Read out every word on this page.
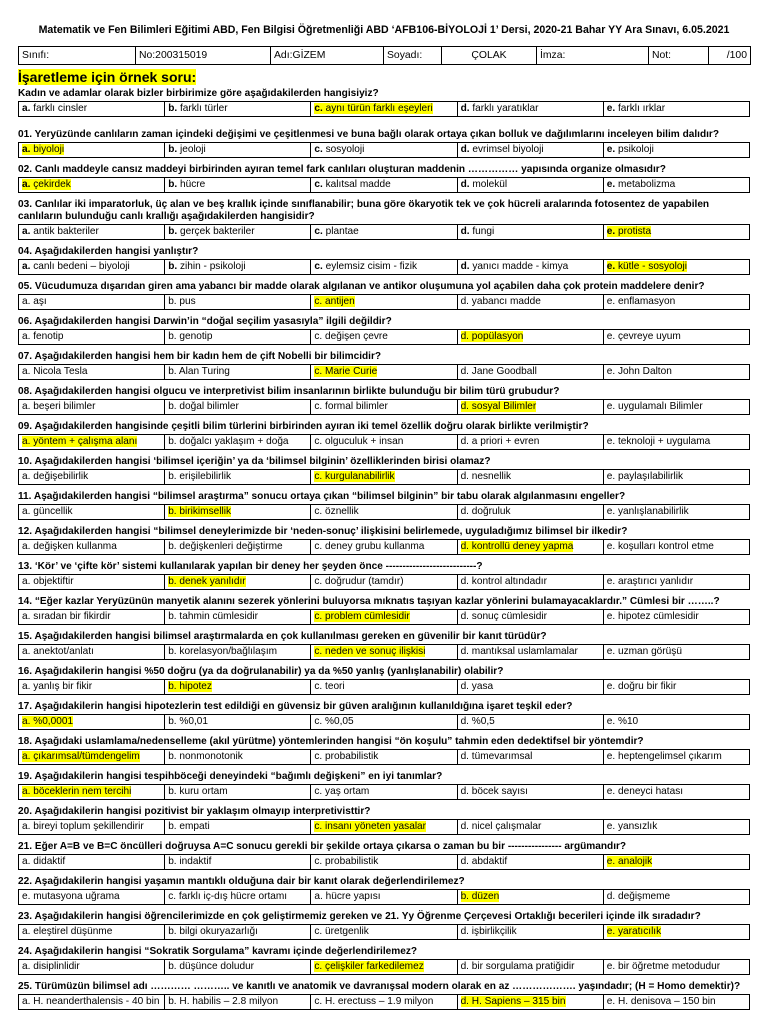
Matematik ve Fen Bilimleri Eğitimi ABD, Fen Bilgisi Öğretmenliği ABD ‘AFB106-BİYOLOJİ 1’ Dersi, 2020-21 Bahar YY Ara Sınavı, 6.05.2021
Sınıfı:	No:200315019	Adı:GİZEM	Soyadı:	ÇOLAK	İmza:	Not:	/100
İşaretleme için örnek soru:
Kadın ve adamlar olarak bizler birbirimize göre aşağıdakilerden hangisiyiz?
a. farklı cinsler	b. farklı türler	c. aynı türün farklı eşeyleri	d. farklı yaratıklar	e. farklı ırklar
01. Yeryüzünde canlıların zaman içindeki değişimi ve çeşitlenmesi ve buna bağlı olarak ortaya çıkan bolluk ve dağılımlarını inceleyen bilim dalıdır?
a. biyoloji	b. jeoloji	c. sosyoloji	d. evrimsel biyoloji	e. psikoloji
02. Canlı maddeyle cansız maddeyi birbirinden ayıran temel fark canlıları oluşturan maddenin …………… yapısında organize olmasıdır?
a. çekirdek	b. hücre	c. kalıtsal madde	d. molekül	e. metabolizma
03. Canlılar iki imparatorluk, üç alan ve beş krallık içinde sınıflanabilir; buna göre ökaryotik tek ve çok hücreli aralarında fotosentez de yapabilen canlıların bulunduğu canlı krallığı aşağıdakilerden hangisidir?
a. antik bakteriler	b. gerçek bakteriler	c. plantae	d. fungi	e. protista
04. Aşağıdakilerden hangisi yanlıştır?
a. canlı bedeni – biyoloji	b. zihin - psikoloji	c. eylemsiz cisim - fizik	d. yanıcı madde - kimya	e. kütle - sosyoloji
05. Vücudumuza dışarıdan giren ama yabancı bir madde olarak algılanan ve antikor oluşumuna yol açabilen daha çok protein maddelere denir?
a. aşı	b. pus	c. antijen	d. yabancı madde	e. enflamasyon
06. Aşağıdakilerden hangisi Darwin’in “doğal seçilim yasasıyla” ilgili değildir?
a. fenotip	b. genotip	c. değişen çevre	d. popülasyon	e. çevreye uyum
07. Aşağıdakilerden hangisi hem bir kadın hem de çift Nobelli bir bilimcidir?
a. Nicola Tesla	b. Alan Turing	c. Marie Curie	d. Jane Goodball	e. John Dalton
08. Aşağıdakilerden hangisi olgucu ve interpretivist bilim insanlarının birlikte bulunduğu bir bilim türü grubudur?
a. beşeri bilimler	b. doğal bilimler	c. formal bilimler	d. sosyal Bilimler	e. uygulamalı Bilimler
09. Aşağıdakilerden hangisinde çeşitli bilim türlerini birbirinden ayıran iki temel özellik doğru olarak birlikte verilmiştir?
a. yöntem + çalışma alanı	b. doğalcı yaklaşım + doğa	c. olguculuk + insan	d. a priori + evren	e. teknoloji + uygulama
10. Aşağıdakilerden hangisi ‘bilimsel içeriğin’ ya da ‘bilimsel bilginin’ özelliklerinden birisi olamaz?
a. değişebilirlik	b. erişilebilirlik	c. kurgulanabilirlik	d. nesnellik	e. paylaşılabilirlik
11. Aşağıdakilerden hangisi “bilimsel araştırma” sonucu ortaya çıkan “bilimsel bilginin” bir tabu olarak algılanmasını engeller?
a. güncellik	b. birikimsellik	c. öznellik	d. doğruluk	e. yanlışlanabilirlik
12. Aşağıdakilerden hangisi “bilimsel deneylerimizde bir ‘neden-sonuç’ ilişkisini belirlemede, uyguladığımız bilimsel bir ilkedir?
a. değişken kullanma	b. değişkenleri değiştirme	c. deney grubu kullanma	d. kontrollü deney yapma	e. koşulları kontrol etme
13. ‘Kör’ ve ‘çifte kör’ sistemi kullanılarak yapılan bir deney her şeyden önce ---------------------------?
a. objektiftir	b. denek yanılıdır	c. doğrudur (tamdır)	d. kontrol altındadır	e. araştırıcı yanlıdır
14. “Eğer kazlar Yeryüzünün manyetik alanını sezerek yönlerini buluyorsa mıknatıs taşıyan kazlar yönlerini bulamayacaklardır.” Cümlesi bir ……..?
a. sıradan bir fikirdir	b. tahmin cümlesidir	c. problem cümlesidir	d. sonuç cümlesidir	e. hipotez cümlesidir
15. Aşağıdakilerden hangisi bilimsel araştırmalarda en çok kullanılması gereken en güvenilir bir kanıt türüdür?
a. anektot/anlatı	b. korelasyon/bağlılaşım	c. neden ve sonuç ilişkisi	d. mantıksal uslamlamalar	e. uzman görüşü
16. Aşağıdakilerin hangisi %50 doğru (ya da doğrulanabilir) ya da %50 yanlış (yanlışlanabilir) olabilir?
a. yanlış bir fikir	b. hipotez	c. teori	d. yasa	e. doğru bir fikir
17. Aşağıdakilerin hangisi hipotezlerin test edildiği en güvensiz bir güven aralığının kullanıldığına işaret teşkil eder?
a. %0,0001	b. %0,01	c. %0,05	d. %0,5	e. %10
18. Aşağıdaki uslamlama/nedenselleme (akıl yürütme) yöntemlerinden hangisi “ön koşulu” tahmin eden dedektifsel bir yöntemdir?
a. çıkarımsal/tümdengelim	b. nonmonotonik	c. probabilistik	d. tümevarımsal	e. heptengelimsel çıkarım
19. Aşağıdakilerin hangisi tespihböceği deneyindeki “bağımlı değişkeni” en iyi tanımlar?
a. böceklerin nem tercihi	b. kuru ortam	c. yaş ortam	d. böcek sayısı	e. deneyci hatası
20. Aşağıdakilerin hangisi pozitivist bir yaklaşım olmayıp interpretivisttir?
a. bireyi toplum şekillendirir	b. empati	c. insanı yöneten yasalar	d. nicel çalışmalar	e. yansızlık
21. Eğer A=B ve B=C öncülleri doğruysa A=C sonucu gerekli bir şekilde ortaya çıkarsa o zaman bu bir ---------------- argümandır?
a. didaktif	b. indaktif	c. probabilistik	d. abdaktif	e. analojik
22. Aşağıdakilerin hangisi yaşamın mantıklı olduğuna dair bir kanıt olarak değerlendirilemez?
e. mutasyona uğrama	c. farklı iç-dış hücre ortamı	a. hücre yapısı	b. düzen	d. değişmeme
23. Aşağıdakilerin hangisi öğrencilerimizde en çok geliştirmemiz gereken ve 21. Yy Öğrenme Çerçevesi Ortaklığı becerileri içinde ilk sıradadır?
a. eleştirel düşünme	b. bilgi okuryazarlığı	c. üretgenlik	d. işbirlikçilik	e. yaratıcılık
24. Aşağıdakilerin hangisi “Sokratik Sorgulama” kavramı içinde değerlendirilemez?
a. disiplinlidir	b. düşünce doludur	c. çelişkiler farkedilemez	d. bir sorgulama pratiğidir	e. bir öğretme metodudur
25. Türümüzün bilimsel adı ………… ……….. ve kanıtlı ve anatomik ve davranışsal modern olarak en az ………………. yaşındadır; (H = Homo demektir)?
a. H. neanderthalensis - 40 bin	b. H. habilis – 2.8 milyon	c. H. erectuss – 1.9 milyon	d. H. Sapiens – 315 bin	e. H. denisova – 150 bin
